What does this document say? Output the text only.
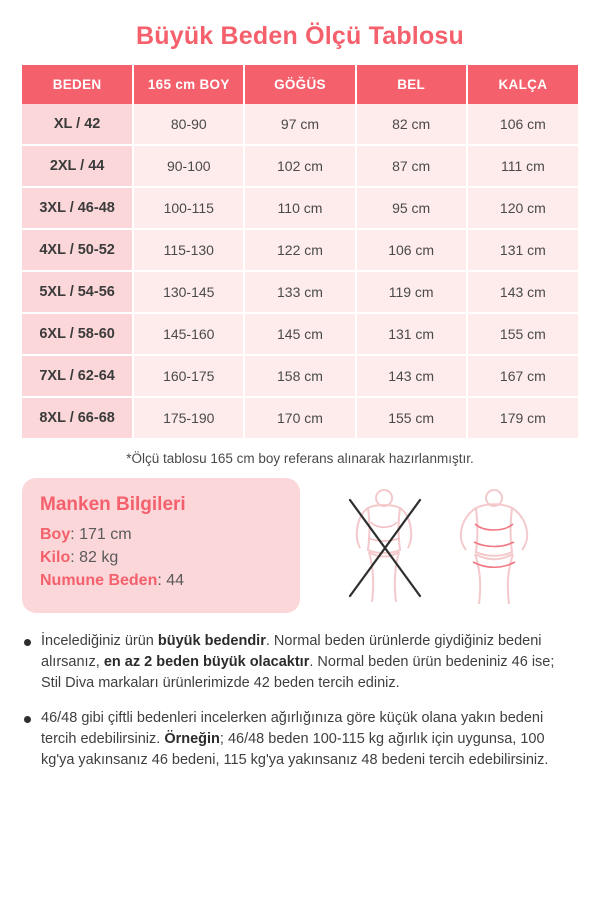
Büyük Beden Ölçü Tablosu
BEDEN	165 cm BOY	GÖĞÜS	BEL	KALÇA
XL / 42	80-90	97 cm	82 cm	106 cm
2XL / 44	90-100	102 cm	87 cm	111 cm
3XL / 46-48	100-115	110 cm	95 cm	120 cm
4XL / 50-52	115-130	122 cm	106 cm	131 cm
5XL / 54-56	130-145	133 cm	119 cm	143 cm
6XL / 58-60	145-160	145 cm	131 cm	155 cm
7XL / 62-64	160-175	158 cm	143 cm	167 cm
8XL / 66-68	175-190	170 cm	155 cm	179 cm
*Ölçü tablosu 165 cm boy referans alınarak hazırlanmıştır.
Manken Bilgileri
Boy: 171 cm
Kilo: 82 kg
Numune Beden: 44

İncelediğiniz ürün büyük bedendir. Normal beden ürünlerde giydiğiniz bedeni alırsanız, en az 2 beden büyük olacaktır. Normal beden ürün bedeniniz 46 ise; Stil Diva markaları ürünlerimizde 42 beden tercih ediniz.

46/48 gibi çiftli bedenleri incelerken ağırlığınıza göre küçük olana yakın bedeni tercih edebilirsiniz. Örneğin; 46/48 beden 100-115 kg ağırlık için uygunsa, 100 kg'ya yakınsanız 46 bedeni, 115 kg'ya yakınsanız 48 bedeni tercih edebilirsiniz.
